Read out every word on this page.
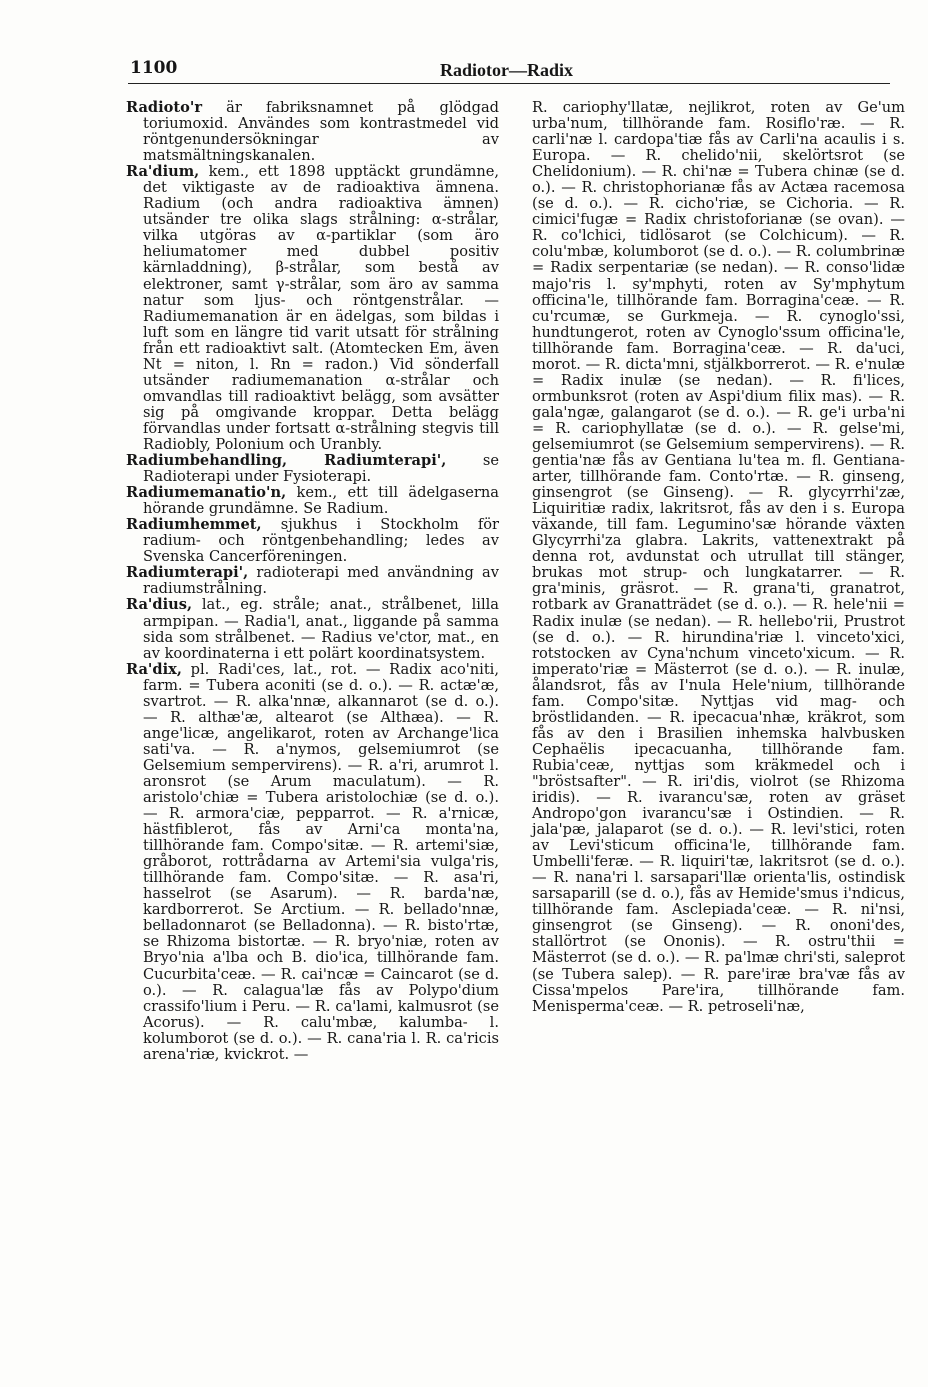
1100	Radiotor—Radix

Radioto'r är fabriksnamnet på glödgad toriumoxid. Användes som kontrastmedel vid röntgenundersökningar av matsmältningskanalen.

Ra'dium, kem., ett 1898 upptäckt grundämne, det viktigaste av de radioaktiva ämnena. Radium (och andra radioaktiva ämnen) utsänder tre olika slags strålning: α-strålar, vilka utgöras av α-partiklar (som äro heliumatomer med dubbel positiv kärnladdning), β-strålar, som bestå av elektroner, samt γ-strålar, som äro av samma natur som ljus- och röntgenstrålar. — Radiumemanation är en ädelgas, som bildas i luft som en längre tid varit utsatt för strålning från ett radioaktivt salt. (Atomtecken Em, även Nt = niton, l. Rn = radon.) Vid sönderfall utsänder radiumemanation α-strålar och omvandlas till radioaktivt belägg, som avsätter sig på omgivande kroppar. Detta belägg förvandlas under fortsatt α-strålning stegvis till Radiobly, Polonium och Uranbly.

Radiumbehandling, Radiumterapi', se Radioterapi under Fysioterapi.

Radiumemanatio'n, kem., ett till ädelgaserna hörande grundämne. Se Radium.

Radiumhemmet, sjukhus i Stockholm för radium- och röntgenbehandling; ledes av Svenska Cancerföreningen.

Radiumterapi', radioterapi med användning av radiumstrålning.

Ra'dius, lat., eg. stråle; anat., strålbenet, lilla armpipan. — Radia'l, anat., liggande på samma sida som strålbenet. — Radius ve'ctor, mat., en av koordinaterna i ett polärt koordinatsystem.

Ra'dix, pl. Radi'ces, lat., rot. — Radix aco'niti, farm. = Tubera aconiti (se d. o.). — R. actæ'æ, svartrot. — R. alka'nnæ, alkannarot (se d. o.). — R. althæ'æ, altearot (se Althæa). — R. ange'licæ, angelikarot, roten av Archange'lica sati'va. — R. a'nymos, gelsemiumrot (se Gelsemium sempervirens). — R. a'ri, arumrot l. aronsrot (se Arum maculatum). — R. aristolo'chiæ = Tubera aristolochiæ (se d. o.). — R. armora'ciæ, pepparrot. — R. a'rnicæ, hästfiblerot, fås av Arni'ca monta'na, tillhörande fam. Compo'sitæ. — R. artemi'siæ, gråborot, rottrådarna av Artemi'sia vulga'ris, tillhörande fam. Compo'sitæ. — R. asa'ri, hasselrot (se Asarum). — R. barda'næ, kardborrerot. Se Arctium. — R. bellado'nnæ, belladonnarot (se Belladonna). — R. bisto'rtæ, se Rhizoma bistortæ. — R. bryo'niæ, roten av Bryo'nia a'lba och B. dio'ica, tillhörande fam. Cucurbita'ceæ. — R. cai'ncæ = Caincarot (se d. o.). — R. calagua'læ fås av Polypo'dium crassifo'lium i Peru. — R. ca'lami, kalmusrot (se Acorus). — R. calu'mbæ, kalumba- l. kolumborot (se d. o.). — R. cana'ria l. R. ca'ricis arena'riæ, kvickrot. —

R. cariophy'llatæ, nejlikrot, roten av Ge'um urba'num, tillhörande fam. Rosiflo'ræ. — R. carli'næ l. cardopa'tiæ fås av Carli'na acaulis i s. Europa. — R. chelido'nii, skelörtsrot (se Chelidonium). — R. chi'næ = Tubera chinæ (se d. o.). — R. christophorianæ fås av Actæa racemosa (se d. o.). — R. cicho'riæ, se Cichoria. — R. cimici'fugæ = Radix christoforianæ (se ovan). — R. co'lchici, tidlösarot (se Colchicum). — R. colu'mbæ, kolumborot (se d. o.). — R. columbrinæ = Radix serpentariæ (se nedan). — R. conso'lidæ majo'ris l. sy'mphyti, roten av Sy'mphytum officina'le, tillhörande fam. Borragina'ceæ. — R. cu'rcumæ, se Gurkmeja. — R. cynoglo'ssi, hundtungerot, roten av Cynoglo'ssum officina'le, tillhörande fam. Borragina'ceæ. — R. da'uci, morot. — R. dicta'mni, stjälkborrerot. — R. e'nulæ = Radix inulæ (se nedan). — R. fi'lices, ormbunksrot (roten av Aspi'dium filix mas). — R. gala'ngæ, galangarot (se d. o.). — R. ge'i urba'ni = R. cariophyllatæ (se d. o.). — R. gelse'mi, gelsemiumrot (se Gelsemium sempervirens). — R. gentia'næ fås av Gentiana lu'tea m. fl. Gentiana-arter, tillhörande fam. Conto'rtæ. — R. ginseng, ginsengrot (se Ginseng). — R. glycyrrhi'zæ, Liquiritiæ radix, lakritsrot, fås av den i s. Europa växande, till fam. Legumino'sæ hörande växten Glycyrrhi'za glabra. Lakrits, vattenextrakt på denna rot, avdunstat och utrullat till stänger, brukas mot strup- och lungkatarrer. — R. gra'minis, gräsrot. — R. grana'ti, granatrot, rotbark av Granatträdet (se d. o.). — R. hele'nii = Radix inulæ (se nedan). — R. hellebo'rii, Prustrot (se d. o.). — R. hirundina'riæ l. vinceto'xici, rotstocken av Cyna'nchum vinceto'xicum. — R. imperato'riæ = Mästerrot (se d. o.). — R. inulæ, ålandsrot, fås av I'nula Hele'nium, tillhörande fam. Compo'sitæ. Nyttjas vid mag- och bröstlidanden. — R. ipecacua'nhæ, kräkrot, som fås av den i Brasilien inhemska halvbusken Cephaëlis ipecacuanha, tillhörande fam. Rubia'ceæ, nyttjas som kräkmedel och i "bröstsafter". — R. iri'dis, violrot (se Rhizoma iridis). — R. ivarancu'sæ, roten av gräset Andropo'gon ivarancu'sæ i Ostindien. — R. jala'pæ, jalaparot (se d. o.). — R. levi'stici, roten av Levi'sticum officina'le, tillhörande fam. Umbelli'feræ. — R. liquiri'tæ, lakritsrot (se d. o.). — R. nana'ri l. sarsapari'llæ orienta'lis, ostindisk sarsaparill (se d. o.), fås av Hemide'smus i'ndicus, tillhörande fam. Asclepiada'ceæ. — R. ni'nsi, ginsengrot (se Ginseng). — R. ononi'des, stallörtrot (se Ononis). — R. ostru'thii = Mästerrot (se d. o.). — R. pa'lmæ chri'sti, saleprot (se Tubera salep). — R. pare'iræ bra'væ fås av Cissa'mpelos Pare'ira, tillhörande fam. Menisperma'ceæ. — R. petroseli'næ,
